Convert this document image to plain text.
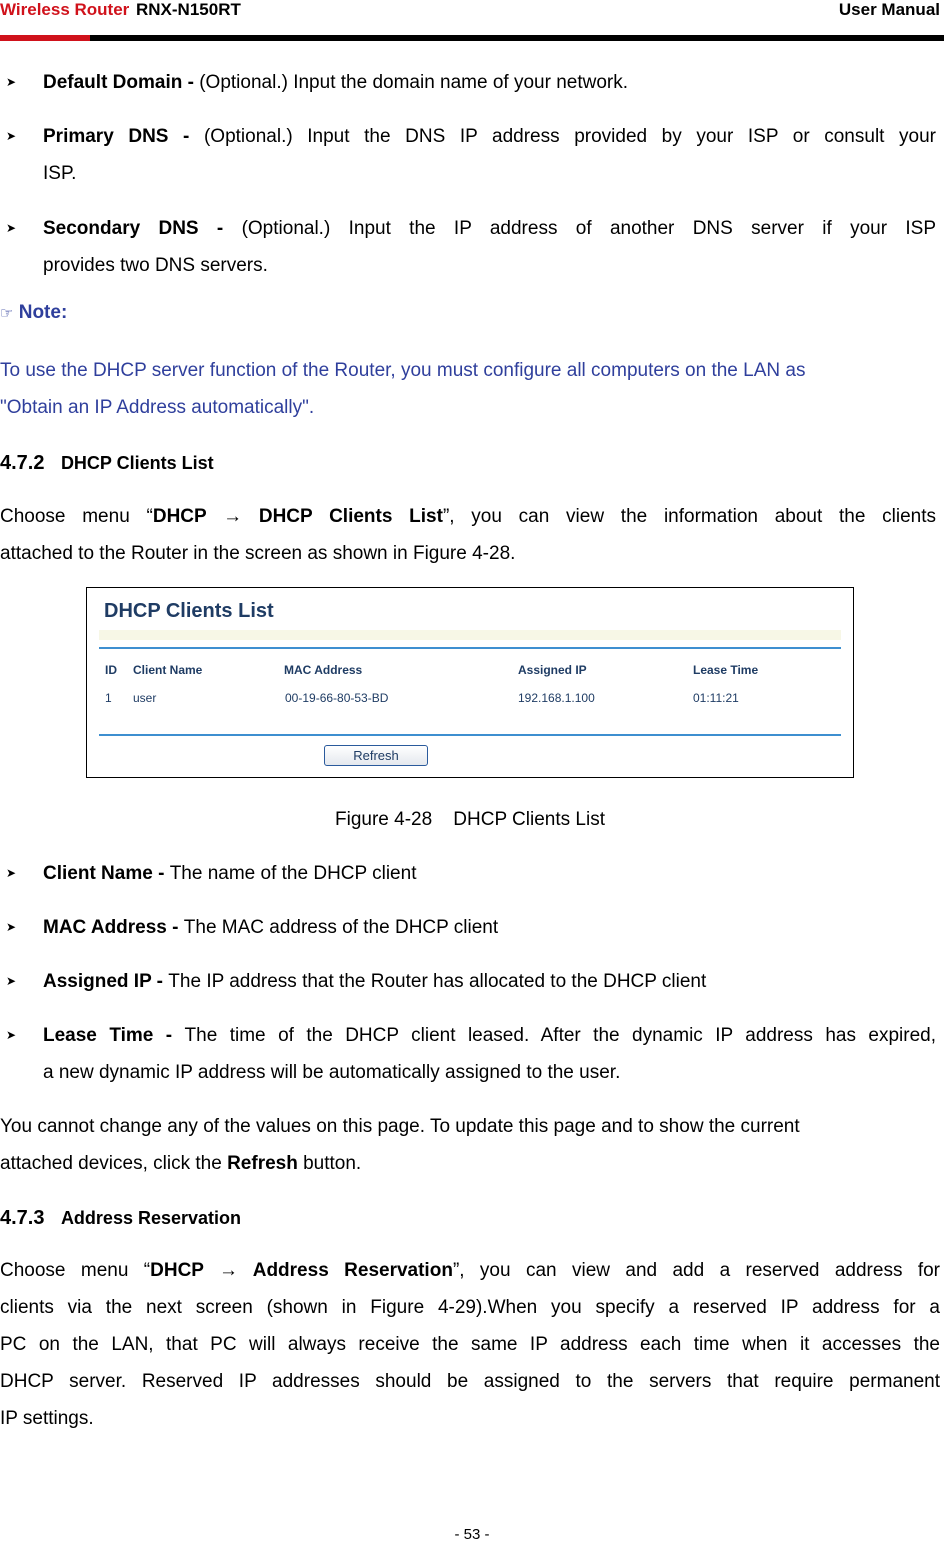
Wireless Router RNX-N150RT	User Manual
➤ Default Domain - (Optional.) Input the domain name of your network.
➤ Primary DNS - (Optional.) Input the DNS IP address provided by your ISP or consult your
ISP.
➤ Secondary DNS - (Optional.) Input the IP address of another DNS server if your ISP
provides two DNS servers.
☞ Note:
To use the DHCP server function of the Router, you must configure all computers on the LAN as
"Obtain an IP Address automatically".
4.7.2 DHCP Clients List
Choose menu “DHCP → DHCP Clients List”, you can view the information about the clients
attached to the Router in the screen as shown in Figure 4-28.
DHCP Clients List
ID Client Name	MAC Address	Assigned IP	Lease Time
1 user	00-19-66-80-53-BD	192.168.1.100	01:11:21
Refresh
Figure 4-28    DHCP Clients List
➤ Client Name - The name of the DHCP client
➤ MAC Address - The MAC address of the DHCP client
➤ Assigned IP - The IP address that the Router has allocated to the DHCP client
➤ Lease Time - The time of the DHCP client leased. After the dynamic IP address has expired,
a new dynamic IP address will be automatically assigned to the user.
You cannot change any of the values on this page. To update this page and to show the current
attached devices, click the Refresh button.
4.7.3 Address Reservation
Choose menu “DHCP → Address Reservation”, you can view and add a reserved address for
clients via the next screen (shown in Figure 4-29).When you specify a reserved IP address for a
PC on the LAN, that PC will always receive the same IP address each time when it accesses the
DHCP server. Reserved IP addresses should be assigned to the servers that require permanent
IP settings.
- 53 -
